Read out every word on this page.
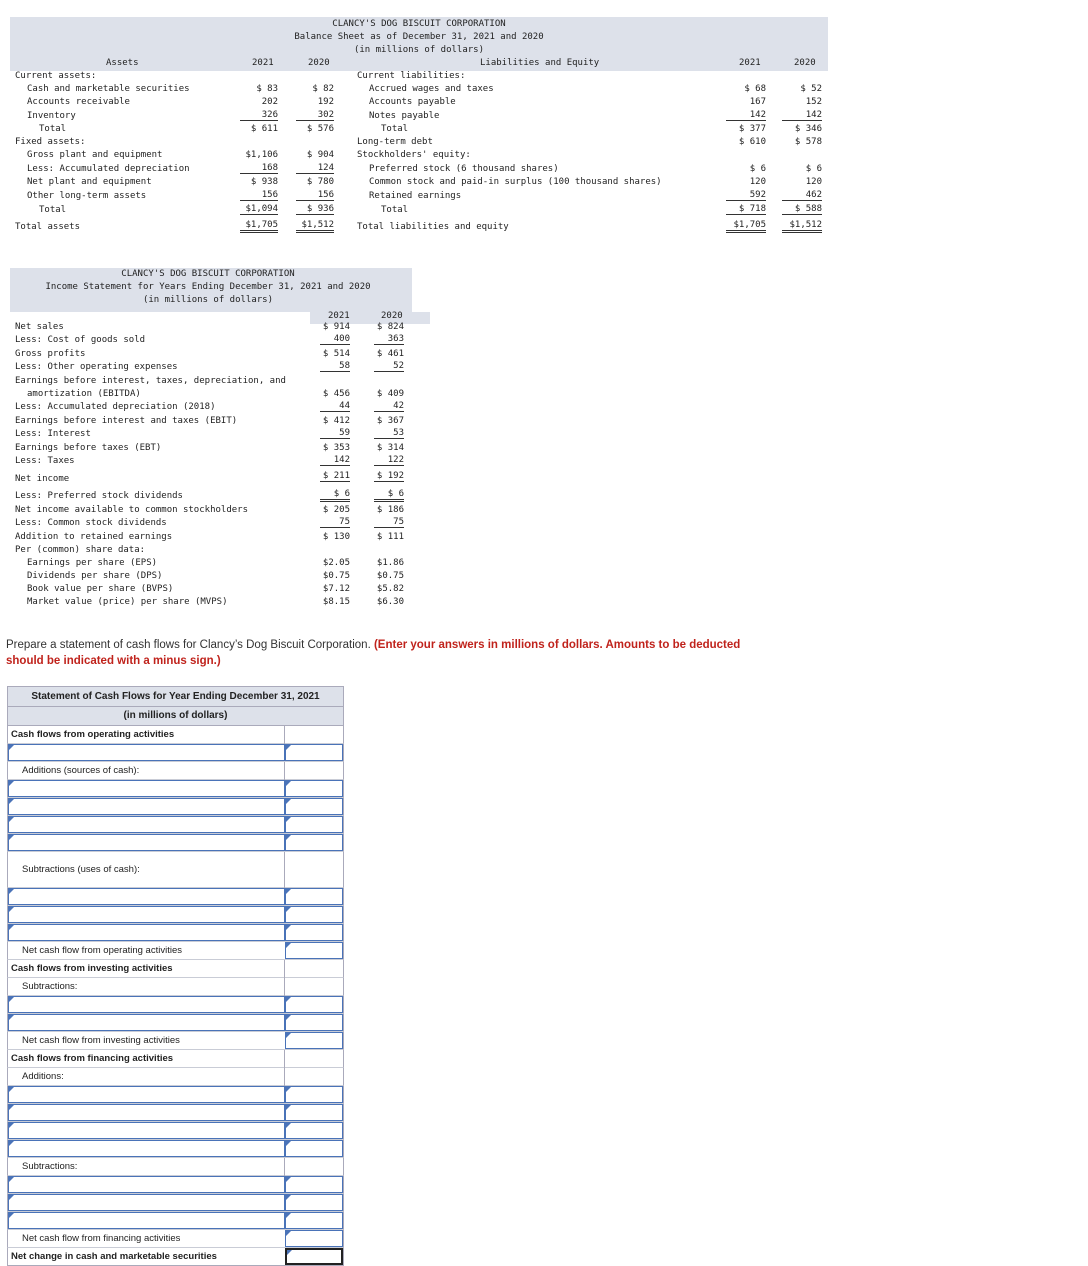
CLANCY'S DOG BISCUIT CORPORATION
Balance Sheet as of December 31, 2021 and 2020
(in millions of dollars)
Assets	2021	2020	Liabilities and Equity	2021	2020
Current assets:
Cash and marketable securities	$ 83	$ 82
Accounts receivable	202	192
Inventory	326	302
Total	$ 611	$ 576
Fixed assets:
Gross plant and equipment	$1,106	$ 904
Less: Accumulated depreciation	168	124
Net plant and equipment	$ 938	$ 780
Other long-term assets	156	156
Total	$1,094	$ 936
Total assets	$1,705	$1,512
Current liabilities:
Accrued wages and taxes	$ 68	$ 52
Accounts payable	167	152
Notes payable	142	142
Total	$ 377	$ 346
Long-term debt	$ 610	$ 578
Stockholders' equity:
Preferred stock (6 thousand shares)	$ 6	$ 6
Common stock and paid-in surplus (100 thousand shares)	120	120
Retained earnings	592	462
Total	$ 718	$ 588
Total liabilities and equity	$1,705	$1,512
CLANCY'S DOG BISCUIT CORPORATION
Income Statement for Years Ending December 31, 2021 and 2020
(in millions of dollars)
2021	2020
Net sales	$ 914	$ 824
Less: Cost of goods sold	400	363
Gross profits	$ 514	$ 461
Less: Other operating expenses	58	52
Earnings before interest, taxes, depreciation, and
amortization (EBITDA)	$ 456	$ 409
Less: Accumulated depreciation (2018)	44	42
Earnings before interest and taxes (EBIT)	$ 412	$ 367
Less: Interest	59	53
Earnings before taxes (EBT)	$ 353	$ 314
Less: Taxes	142	122
Net income	$ 211	$ 192
Less: Preferred stock dividends	$ 6	$ 6
Net income available to common stockholders	$ 205	$ 186
Less: Common stock dividends	75	75
Addition to retained earnings	$ 130	$ 111
Per (common) share data:
Earnings per share (EPS)	$2.05	$1.86
Dividends per share (DPS)	$0.75	$0.75
Book value per share (BVPS)	$7.12	$5.82
Market value (price) per share (MVPS)	$8.15	$6.30
Prepare a statement of cash flows for Clancy’s Dog Biscuit Corporation. (Enter your answers in millions of dollars. Amounts to be deducted should be indicated with a minus sign.)
Statement of Cash Flows for Year Ending December 31, 2021
(in millions of dollars)
Cash flows from operating activities
Additions (sources of cash):
Subtractions (uses of cash):
Net cash flow from operating activities
Cash flows from investing activities
Subtractions:
Net cash flow from investing activities
Cash flows from financing activities
Additions:
Subtractions:
Net cash flow from financing activities
Net change in cash and marketable securities
